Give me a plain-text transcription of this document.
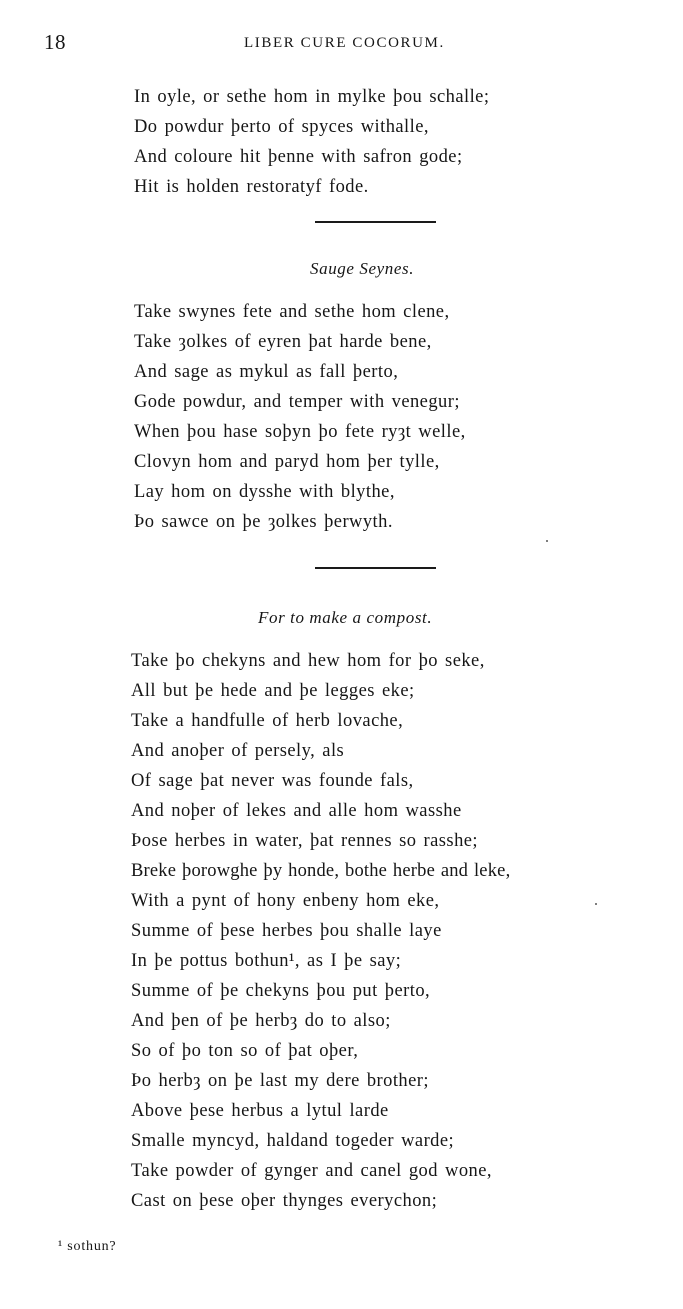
18	LIBER CURE COCORUM.
In oyle, or sethe hom in mylke þou schalle;
Do powdur þerto of spyces withalle,
And coloure hit þenne with safron gode;
Hit is holden restoratyf fode.
Sauge Seynes.
Take swynes fete and sethe hom clene,
Take ȝolkes of eyren þat harde bene,
And sage as mykul as fall þerto,
Gode powdur, and temper with venegur;
When þou hase soþyn þo fete ryȝt welle,
Clovyn hom and paryd hom þer tylle,
Lay hom on dysshe with blythe,
Þo sawce on þe ȝolkes þerwyth.
For to make a compost.
Take þo chekyns and hew hom for þo seke,
All but þe hede and þe legges eke;
Take a handfulle of herb lovache,
And anoþer of persely, als
Of sage þat never was founde fals,
And noþer of lekes and alle hom wasshe
Þose herbes in water, þat rennes so rasshe;
Breke þorowghe þy honde, bothe herbe and leke,
With a pynt of hony enbeny hom eke,
Summe of þese herbes þou shalle laye
In þe pottus bothun¹, as I þe say;
Summe of þe chekyns þou put þerto,
And þen of þe herbȝ do to also;
So of þo ton so of þat oþer,
Þo herbȝ on þe last my dere brother;
Above þese herbus a lytul larde
Smalle myncyd, haldand togeder warde;
Take powder of gynger and canel god wone,
Cast on þese oþer thynges everychon;
¹ sothun?
